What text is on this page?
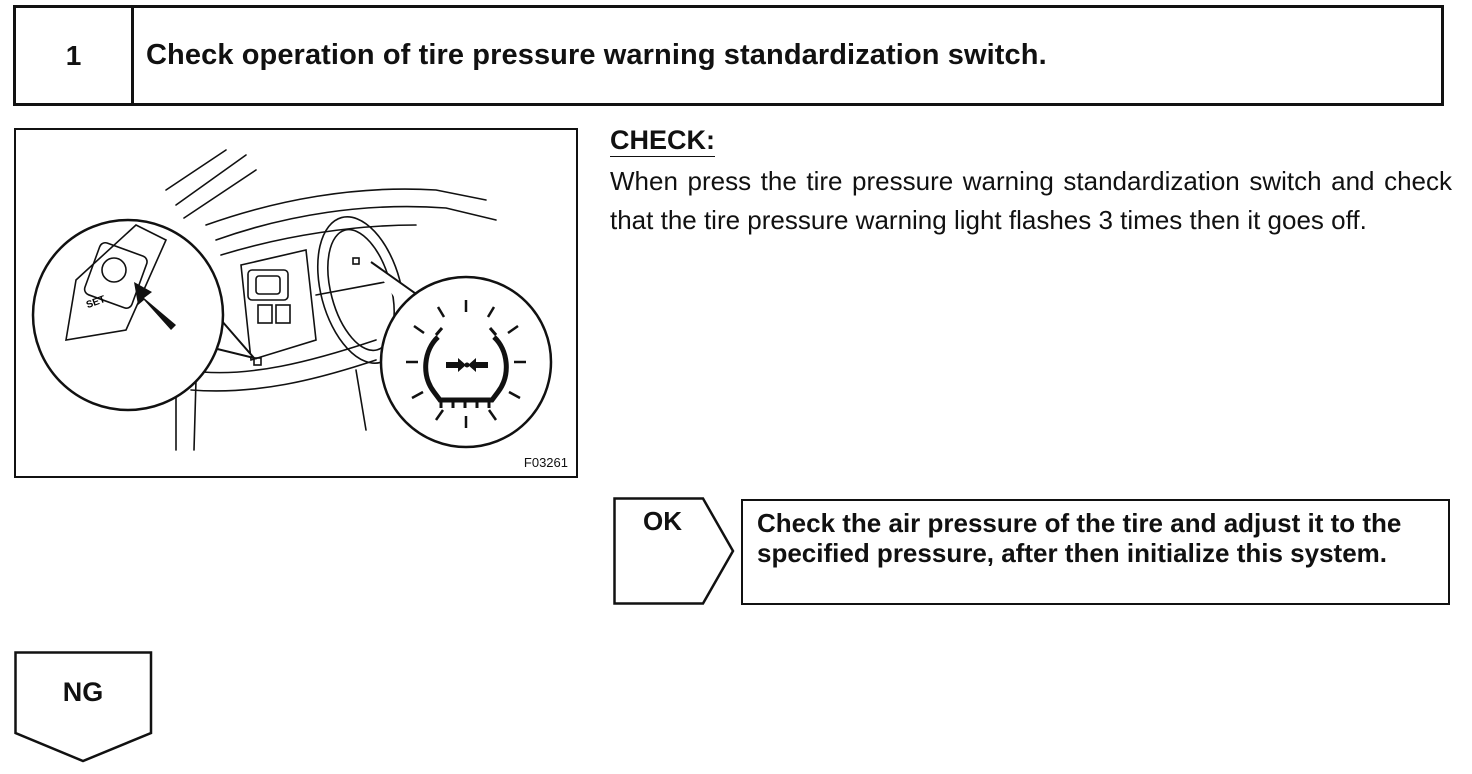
1	Check operation of tire pressure warning standardization switch.
SET
F03261
CHECK:
When press the tire pressure warning standardization switch and check that the tire pressure warning light flashes 3 times then it goes off.
OK	Check the air pressure of the tire and adjust it to the specified pressure, after then initialize this system.
NG
